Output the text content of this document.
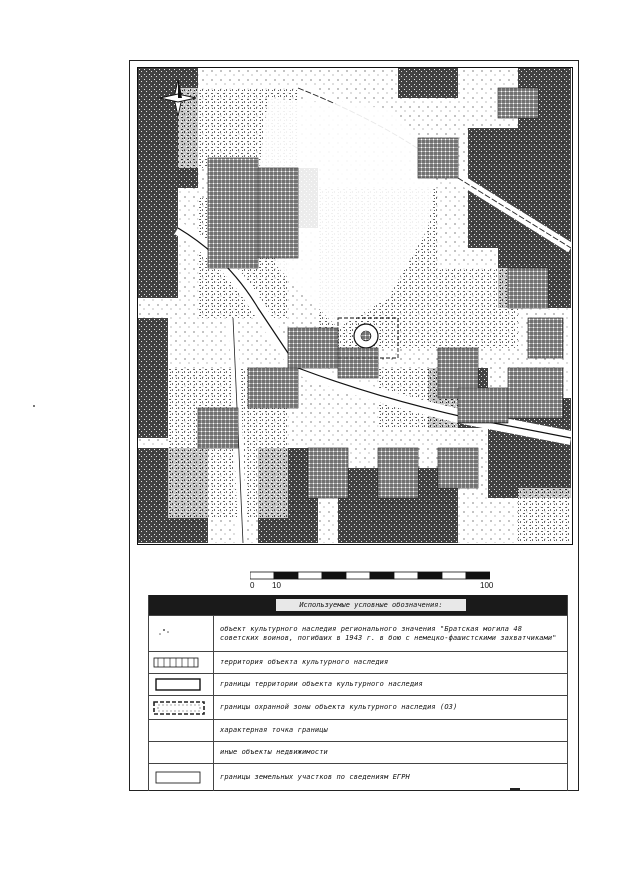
0 10	100
Используемые условные обозначения:
объект культурного наследия регионального значения "Братская могила 48 советских воинов, погибших в 1943 г. в бою с немецко-фашистскими захватчиками"
территория объекта культурного наследия
границы территории объекта культурного наследия
границы охранной зоны объекта культурного наследия (ОЗ)
характерная точка границы
иные объекты недвижимости
границы земельных участков по сведениям ЕГРН
